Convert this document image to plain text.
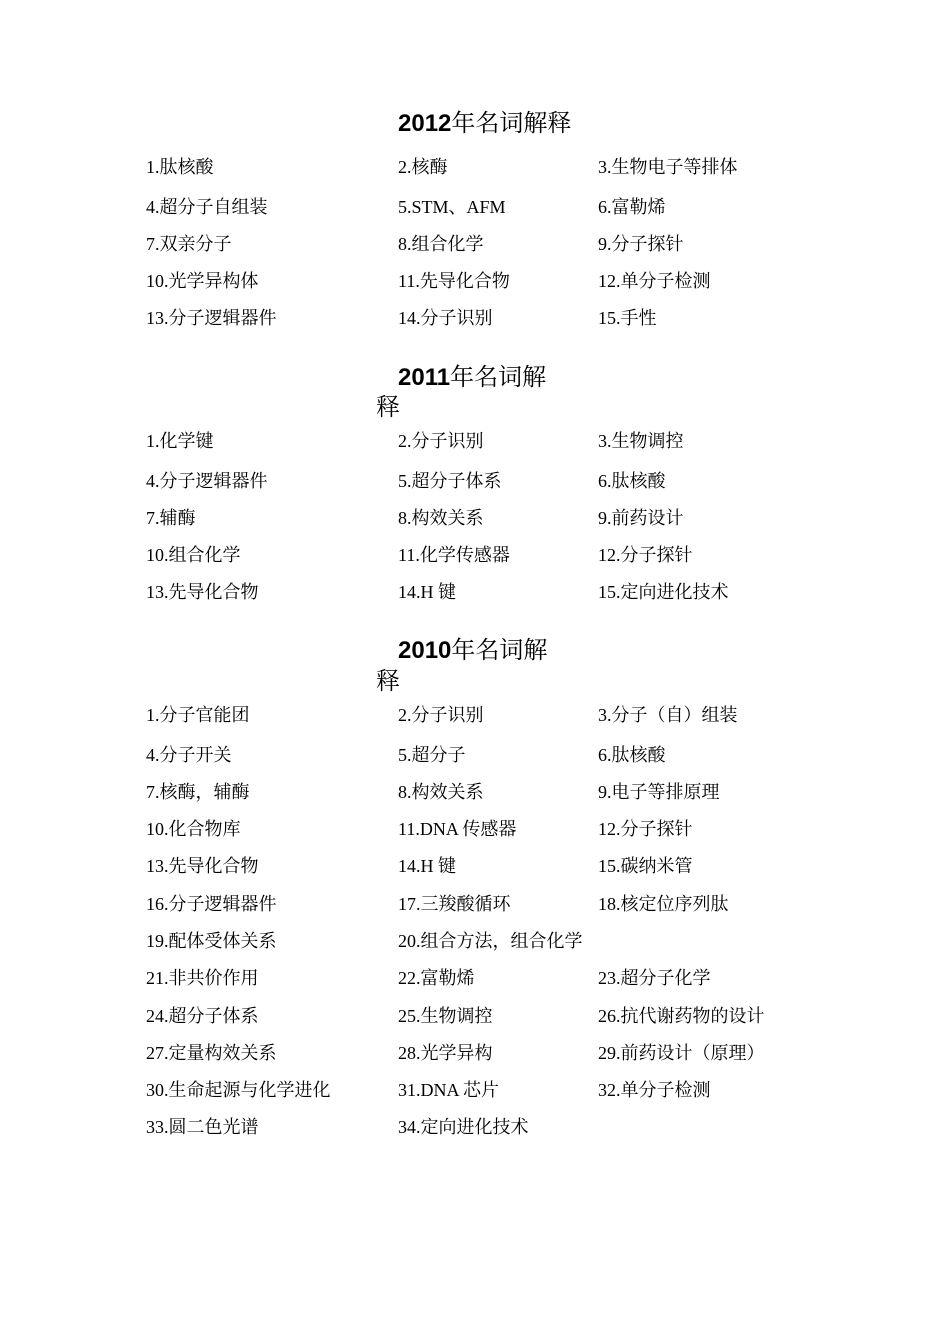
2012年名词解释
1.肽核酸	2.核酶	3.生物电子等排体
4.超分子自组装	5.STM、AFM	6.富勒烯
7.双亲分子	8.组合化学	9.分子探针
10.光学异构体	11.先导化合物	12.单分子检测
13.分子逻辑器件	14.分子识别	15.手性
2011年名词解
释
1.化学键	2.分子识别	3.生物调控
4.分子逻辑器件	5.超分子体系	6.肽核酸
7.辅酶	8.构效关系	9.前药设计
10.组合化学	11.化学传感器	12.分子探针
13.先导化合物	14.H 键	15.定向进化技术
2010年名词解
释
1.分子官能团	2.分子识别	3.分子（自）组装
4.分子开关	5.超分子	6.肽核酸
7.核酶，辅酶	8.构效关系	9.电子等排原理
10.化合物库	11.DNA 传感器	12.分子探针
13.先导化合物	14.H 键	15.碳纳米管
16.分子逻辑器件	17.三羧酸循环	18.核定位序列肽
19.配体受体关系	20.组合方法，组合化学
21.非共价作用	22.富勒烯	23.超分子化学
24.超分子体系	25.生物调控	26.抗代谢药物的设计
27.定量构效关系	28.光学异构	29.前药设计（原理）
30.生命起源与化学进化	31.DNA 芯片	32.单分子检测
33.圆二色光谱	34.定向进化技术
